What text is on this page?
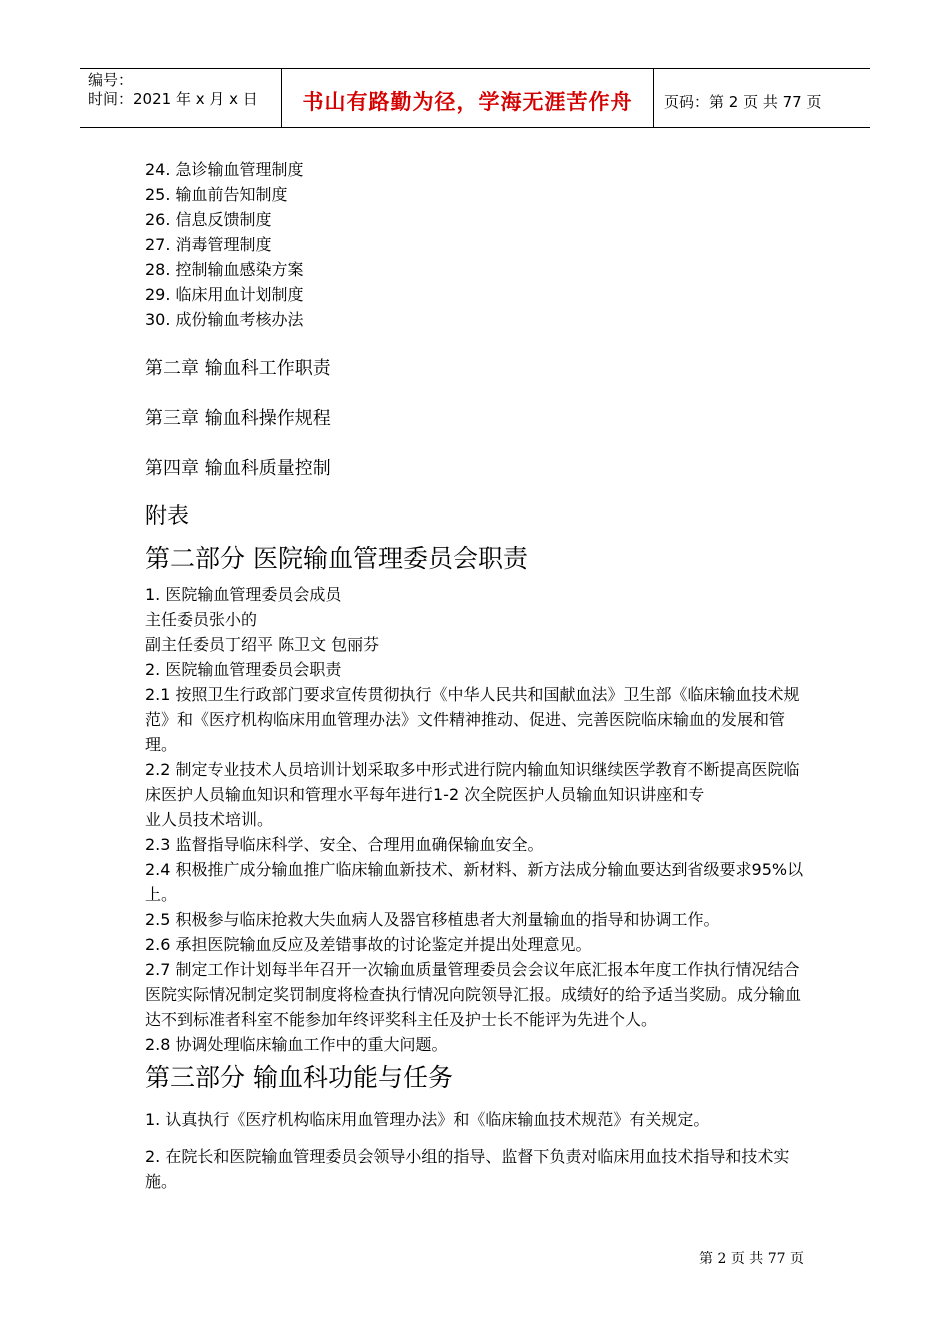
编号：
时间：2021 年 x 月 x 日	书山有路勤为径，学海无涯苦作舟	页码：第 2 页 共 77 页
24. 急诊输血管理制度
25. 输血前告知制度
26. 信息反馈制度
27. 消毒管理制度
28. 控制输血感染方案
29. 临床用血计划制度
30. 成份输血考核办法
第二章 输血科工作职责
第三章 输血科操作规程
第四章 输血科质量控制
附表
第二部分 医院输血管理委员会职责
1. 医院输血管理委员会成员
主任委员张小的
副主任委员丁绍平 陈卫文 包丽芬
2. 医院输血管理委员会职责
2.1 按照卫生行政部门要求宣传贯彻执行《中华人民共和国献血法》卫生部《临床输血技术规范》和《医疗机构临床用血管理办法》文件精神推动、促进、完善医院临床输血的发展和管理。
2.2 制定专业技术人员培训计划采取多中形式进行院内输血知识继续医学教育不断提高医院临床医护人员输血知识和管理水平每年进行1-2 次全院医护人员输血知识讲座和专
业人员技术培训。
2.3 监督指导临床科学、安全、合理用血确保输血安全。
2.4 积极推广成分输血推广临床输血新技术、新材料、新方法成分输血要达到省级要求95%以上。
2.5 积极参与临床抢救大失血病人及器官移植患者大剂量输血的指导和协调工作。
2.6 承担医院输血反应及差错事故的讨论鉴定并提出处理意见。
2.7 制定工作计划每半年召开一次输血质量管理委员会会议年底汇报本年度工作执行情况结合医院实际情况制定奖罚制度将检查执行情况向院领导汇报。成绩好的给予适当奖励。成分输血达不到标准者科室不能参加年终评奖科主任及护士长不能评为先进个人。
2.8 协调处理临床输血工作中的重大问题。
第三部分 输血科功能与任务
1. 认真执行《医疗机构临床用血管理办法》和《临床输血技术规范》有关规定。
2. 在院长和医院输血管理委员会领导小组的指导、监督下负责对临床用血技术指导和技术实施。
第 2 页 共 77 页
